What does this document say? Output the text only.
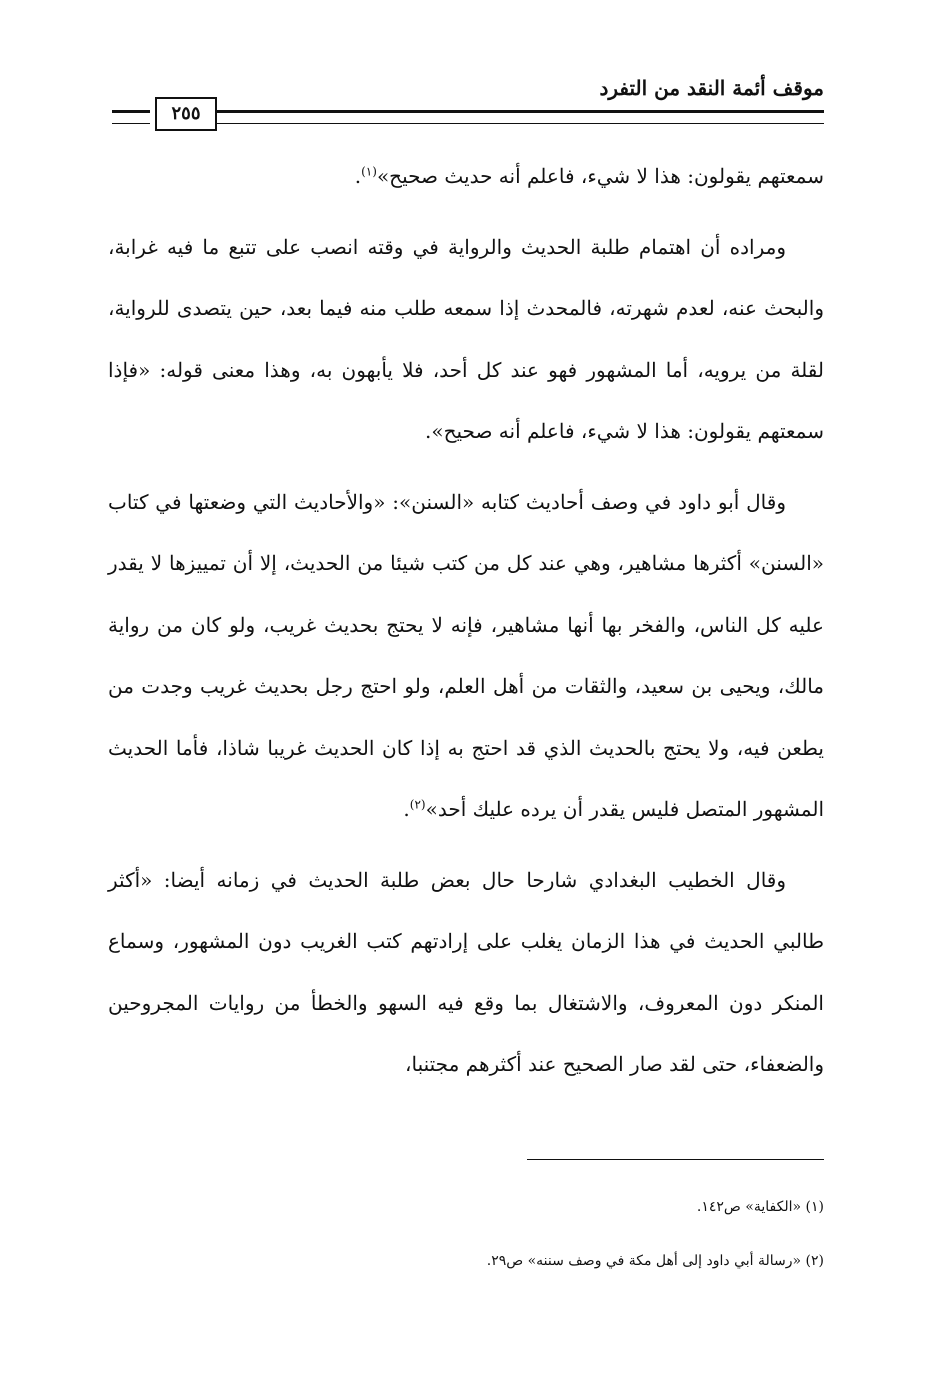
موقف أئمة النقد من التفرد
٢٥٥

سمعتهم يقولون: هذا لا شيء، فاعلم أنه حديث صحيح»$^{(١)}$.

ومراده أن اهتمام طلبة الحديث والرواية في وقته انصب على تتبع ما فيه غرابة، والبحث عنه، لعدم شهرته، فالمحدث إذا سمعه طلب منه فيما بعد، حين يتصدى للرواية، لقلة من يرويه، أما المشهور فهو عند كل أحد، فلا يأبهون به، وهذا معنى قوله: «فإذا سمعتهم يقولون: هذا لا شيء، فاعلم أنه صحيح».

وقال أبو داود في وصف أحاديث كتابه «السنن»: «والأحاديث التي وضعتها في كتاب «السنن» أكثرها مشاهير، وهي عند كل من كتب شيئا من الحديث، إلا أن تمييزها لا يقدر عليه كل الناس، والفخر بها أنها مشاهير، فإنه لا يحتج بحديث غريب، ولو كان من رواية مالك، ويحيى بن سعيد، والثقات من أهل العلم، ولو احتج رجل بحديث غريب وجدت من يطعن فيه، ولا يحتج بالحديث الذي قد احتج به إذا كان الحديث غريبا شاذا، فأما الحديث المشهور المتصل فليس يقدر أن يرده عليك أحد»$^{(٢)}$.

وقال الخطيب البغدادي شارحا حال بعض طلبة الحديث في زمانه أيضا: «أكثر طالبي الحديث في هذا الزمان يغلب على إرادتهم كتب الغريب دون المشهور، وسماع المنكر دون المعروف، والاشتغال بما وقع فيه السهو والخطأ من روايات المجروحين والضعفاء، حتى لقد صار الصحيح عند أكثرهم مجتنبا،

(١) «الكفاية» ص١٤٢.
(٢) «رسالة أبي داود إلى أهل مكة في وصف سننه» ص٢٩.
